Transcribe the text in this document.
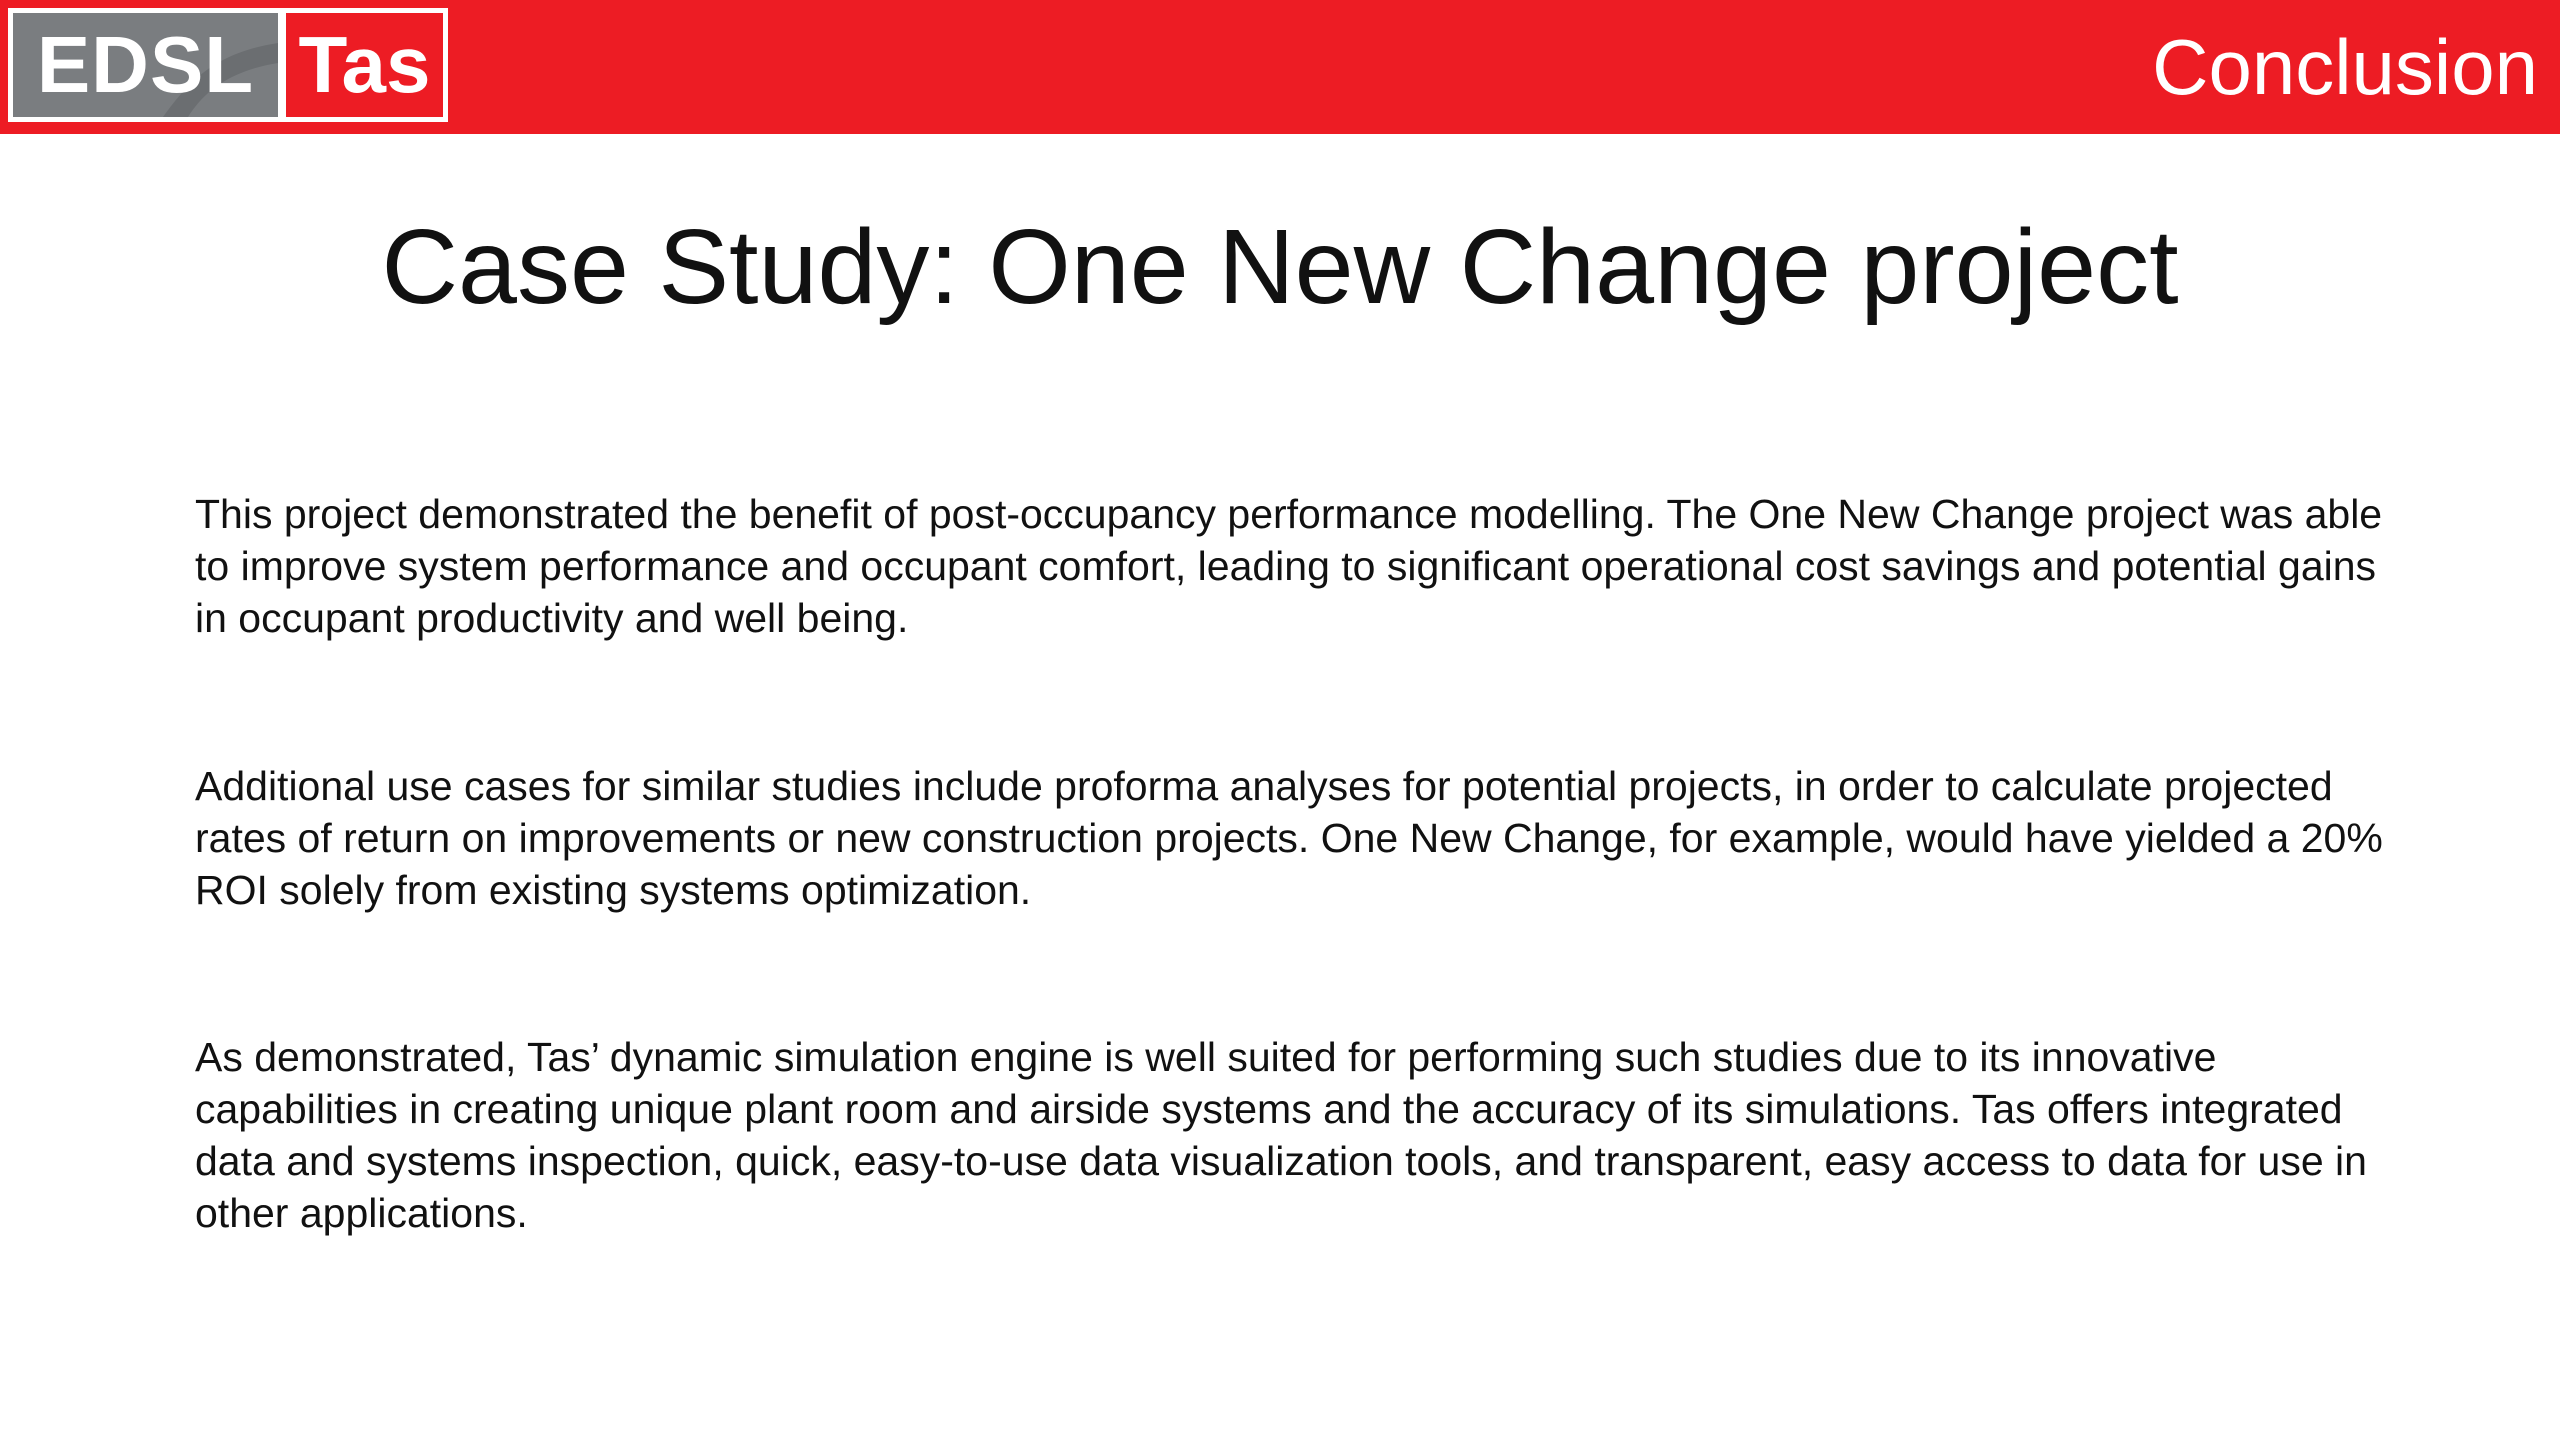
EDSL Tas	Conclusion
Case Study: One New Change project

This project demonstrated the benefit of post-occupancy performance modelling. The One New Change project was able to improve system performance and occupant comfort, leading to significant operational cost savings and potential gains in occupant productivity and well being.

Additional use cases for similar studies include proforma analyses for potential projects, in order to calculate projected rates of return on improvements or new construction projects. One New Change, for example, would have yielded a 20% ROI solely from existing systems optimization.

As demonstrated, Tas’ dynamic simulation engine is well suited for performing such studies due to its innovative capabilities in creating unique plant room and airside systems and the accuracy of its simulations. Tas offers integrated data and systems inspection, quick, easy-to-use data visualization tools, and transparent, easy access to data for use in other applications.
